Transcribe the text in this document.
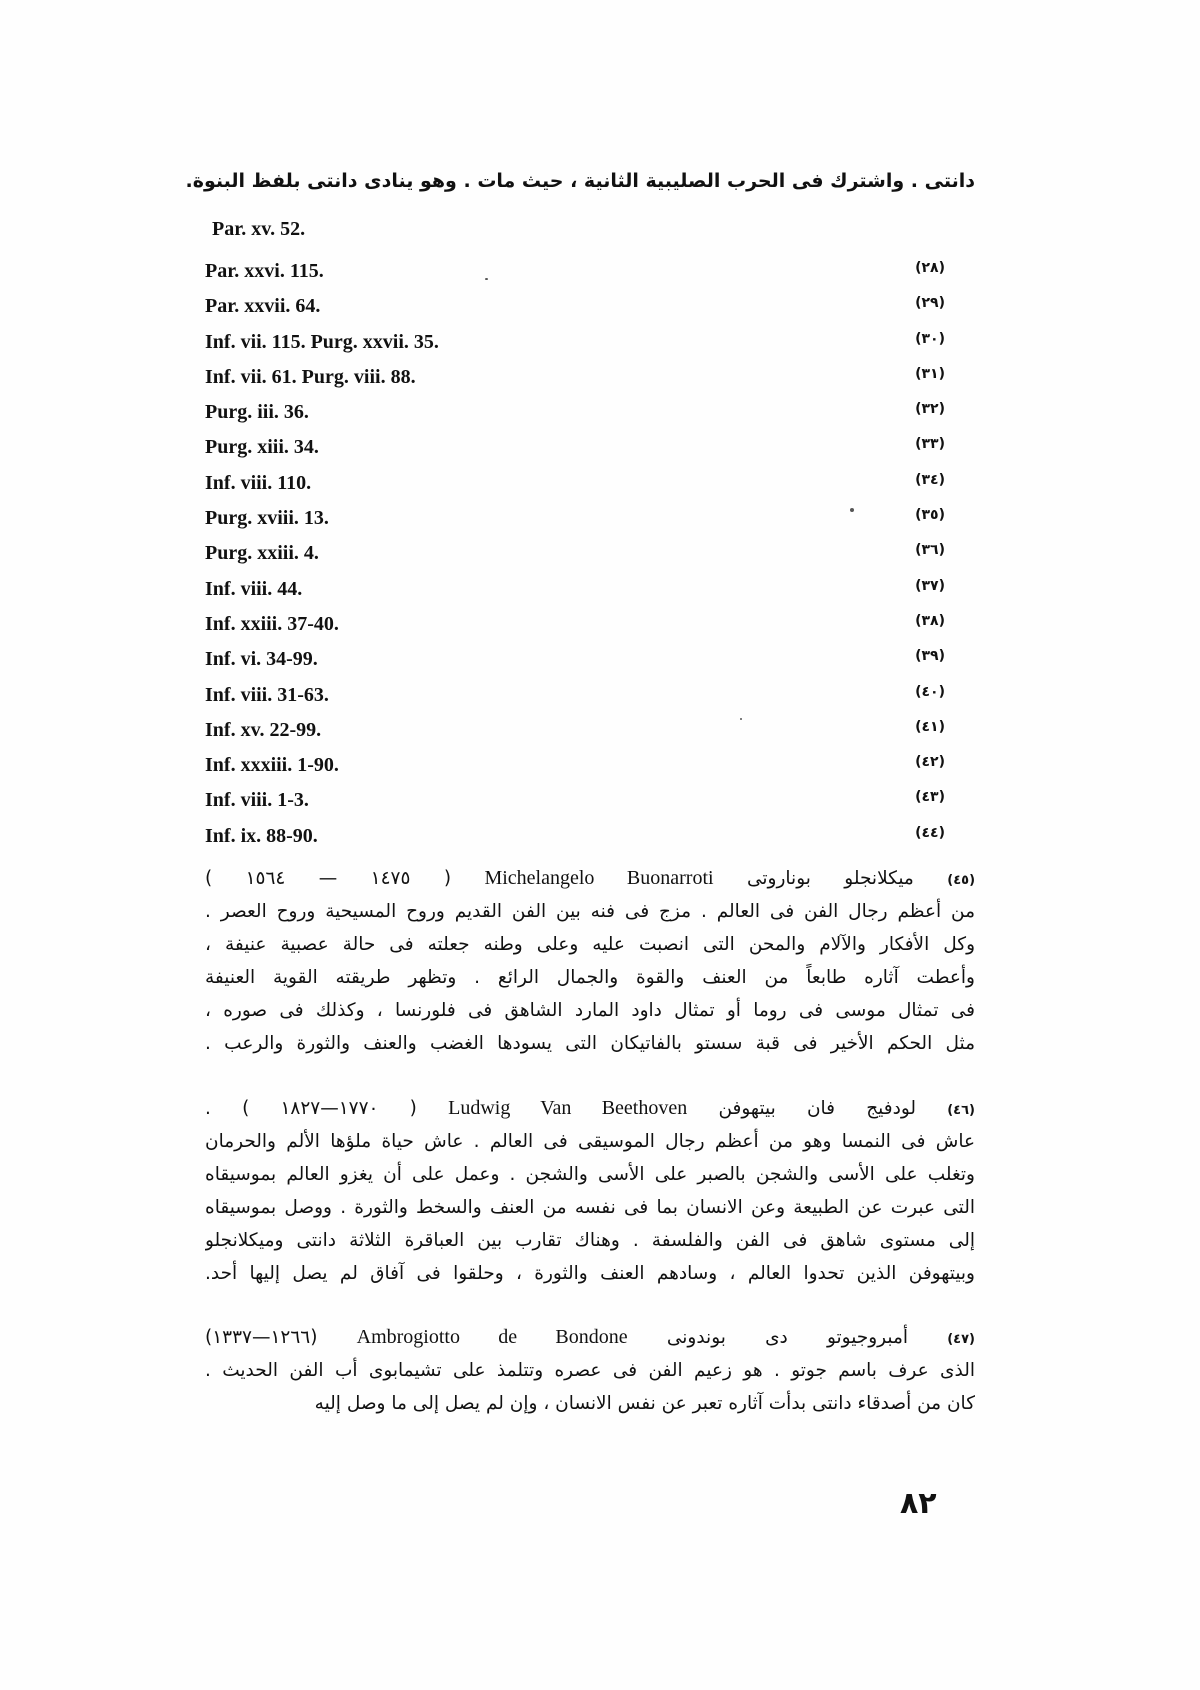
دانتى . واشترك فى الحرب الصليبية الثانية ، حيث مات . وهو ينادى دانتى بلفظ البنوة.
Par. xv. 52.
Par. xxvi. 115.	(٢٨)
Par. xxvii. 64.	(٢٩)
Inf. vii. 115. Purg. xxvii. 35.	(٣٠)
Inf. vii. 61. Purg. viii. 88.	(٣١)
Purg. iii. 36.	(٣٢)
Purg. xiii. 34.	(٣٣)
Inf. viii. 110.	(٣٤)
Purg. xviii. 13.	(٣٥)
Purg. xxiii. 4.	(٣٦)
Inf. viii. 44.	(٣٧)
Inf. xxiii. 37-40.	(٣٨)
Inf. vi. 34-99.	(٣٩)
Inf. viii. 31-63.	(٤٠)
Inf. xv. 22-99.	(٤١)
Inf. xxxiii. 1-90.	(٤٢)
Inf. viii. 1-3.	(٤٣)
Inf. ix. 88-90.	(٤٤)
(٤٥) ميكلانجلو بوناروتى Michelangelo Buonarroti ( ١٤٧٥ — ١٥٦٤ )
من أعظم رجال الفن فى العالم . مزج فى فنه بين الفن القديم وروح المسيحية وروح العصر .
وكل الأفكار والآلام والمحن التى انصبت عليه وعلى وطنه جعلته فى حالة عصبية عنيفة ،
وأعطت آثاره طابعاً من العنف والقوة والجمال الرائع . وتظهر طريقته القوية العنيفة
فى تمثال موسى فى روما أو تمثال داود المارد الشاهق فى فلورنسا ، وكذلك فى صوره ،
مثل الحكم الأخير فى قبة سستو بالفاتيكان التى يسودها الغضب والعنف والثورة والرعب .
(٤٦) لودفيج فان بيتهوفن Ludwig Van Beethoven ( ١٧٧٠—١٨٢٧ ) .
عاش فى النمسا وهو من أعظم رجال الموسيقى فى العالم . عاش حياة ملؤها الألم والحرمان
وتغلب على الأسى والشجن بالصبر على الأسى والشجن . وعمل على أن يغزو العالم بموسيقاه
التى عبرت عن الطبيعة وعن الانسان بما فى نفسه من العنف والسخط والثورة . ووصل بموسيقاه
إلى مستوى شاهق فى الفن والفلسفة . وهناك تقارب بين العباقرة الثلاثة دانتى وميكلانجلو
وبيتهوفن الذين تحدوا العالم ، وسادهم العنف والثورة ، وحلقوا فى آفاق لم يصل إليها أحد.
(٤٧) أمبروجيوتو دى بوندونى Ambrogiotto de Bondone (١٢٦٦—١٣٣٧)
الذى عرف باسم جوتو . هو زعيم الفن فى عصره وتتلمذ على تشيمابوى أب الفن الحديث .
كان من أصدقاء دانتى بدأت آثاره تعبر عن نفس الانسان ، وإن لم يصل إلى ما وصل إليه
٨٢
